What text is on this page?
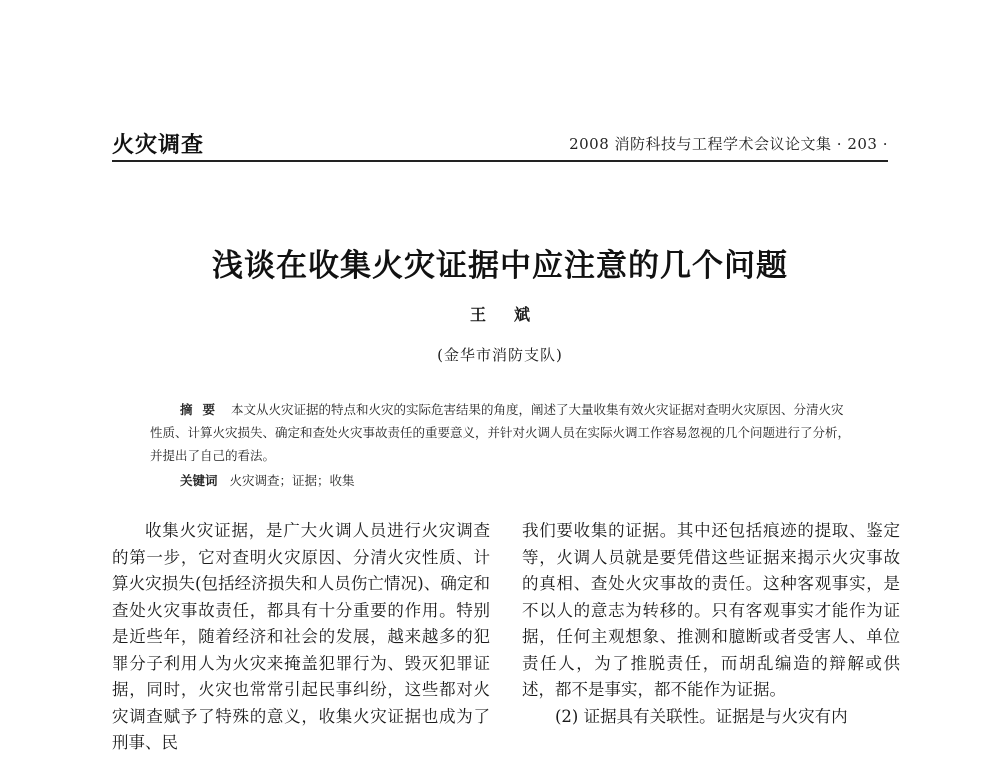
火灾调查	2008 消防科技与工程学术会议论文集 · 203 ·
浅谈在收集火灾证据中应注意的几个问题
王斌
(金华市消防支队)
摘要 本文从火灾证据的特点和火灾的实际危害结果的角度，阐述了大量收集有效火灾证据对查明火灾原因、分清火灾性质、计算火灾损失、确定和查处火灾事故责任的重要意义，并针对火调人员在实际火调工作容易忽视的几个问题进行了分析，并提出了自己的看法。
关键词 火灾调查；证据；收集
收集火灾证据，是广大火调人员进行火灾调查的第一步，它对查明火灾原因、分清火灾性质、计算火灾损失(包括经济损失和人员伤亡情况)、确定和查处火灾事故责任，都具有十分重要的作用。特别是近些年，随着经济和社会的发展，越来越多的犯罪分子利用人为火灾来掩盖犯罪行为、毁灭犯罪证据，同时，火灾也常常引起民事纠纷，这些都对火灾调查赋予了特殊的意义，收集火灾证据也成为了刑事、民
我们要收集的证据。其中还包括痕迹的提取、鉴定等，火调人员就是要凭借这些证据来揭示火灾事故的真相、查处火灾事故的责任。这种客观事实，是不以人的意志为转移的。只有客观事实才能作为证据，任何主观想象、推测和臆断或者受害人、单位责任人，为了推脱责任，而胡乱编造的辩解或供述，都不是事实，都不能作为证据。
(2) 证据具有关联性。证据是与火灾有内
